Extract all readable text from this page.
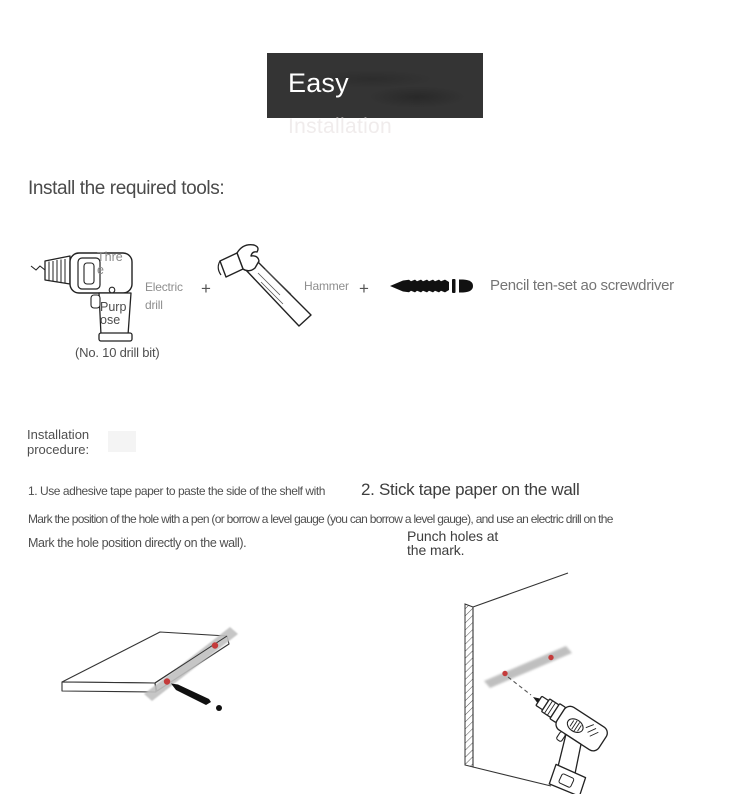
Easy
Installation
Install the required tools:
Thre
e
Purp
ose
Electric
drill
+	Hammer +	Pencil ten-set ao screwdriver
(No. 10 drill bit)
Installation
procedure:
1. Use adhesive tape paper to paste the side of the shelf with 2. Stick tape paper on the wall
Mark the position of the hole with a pen (or borrow a level gauge (you can borrow a level gauge), and use an electric drill on the
Mark the hole position directly on the wall).	Punch holes at
the mark.
